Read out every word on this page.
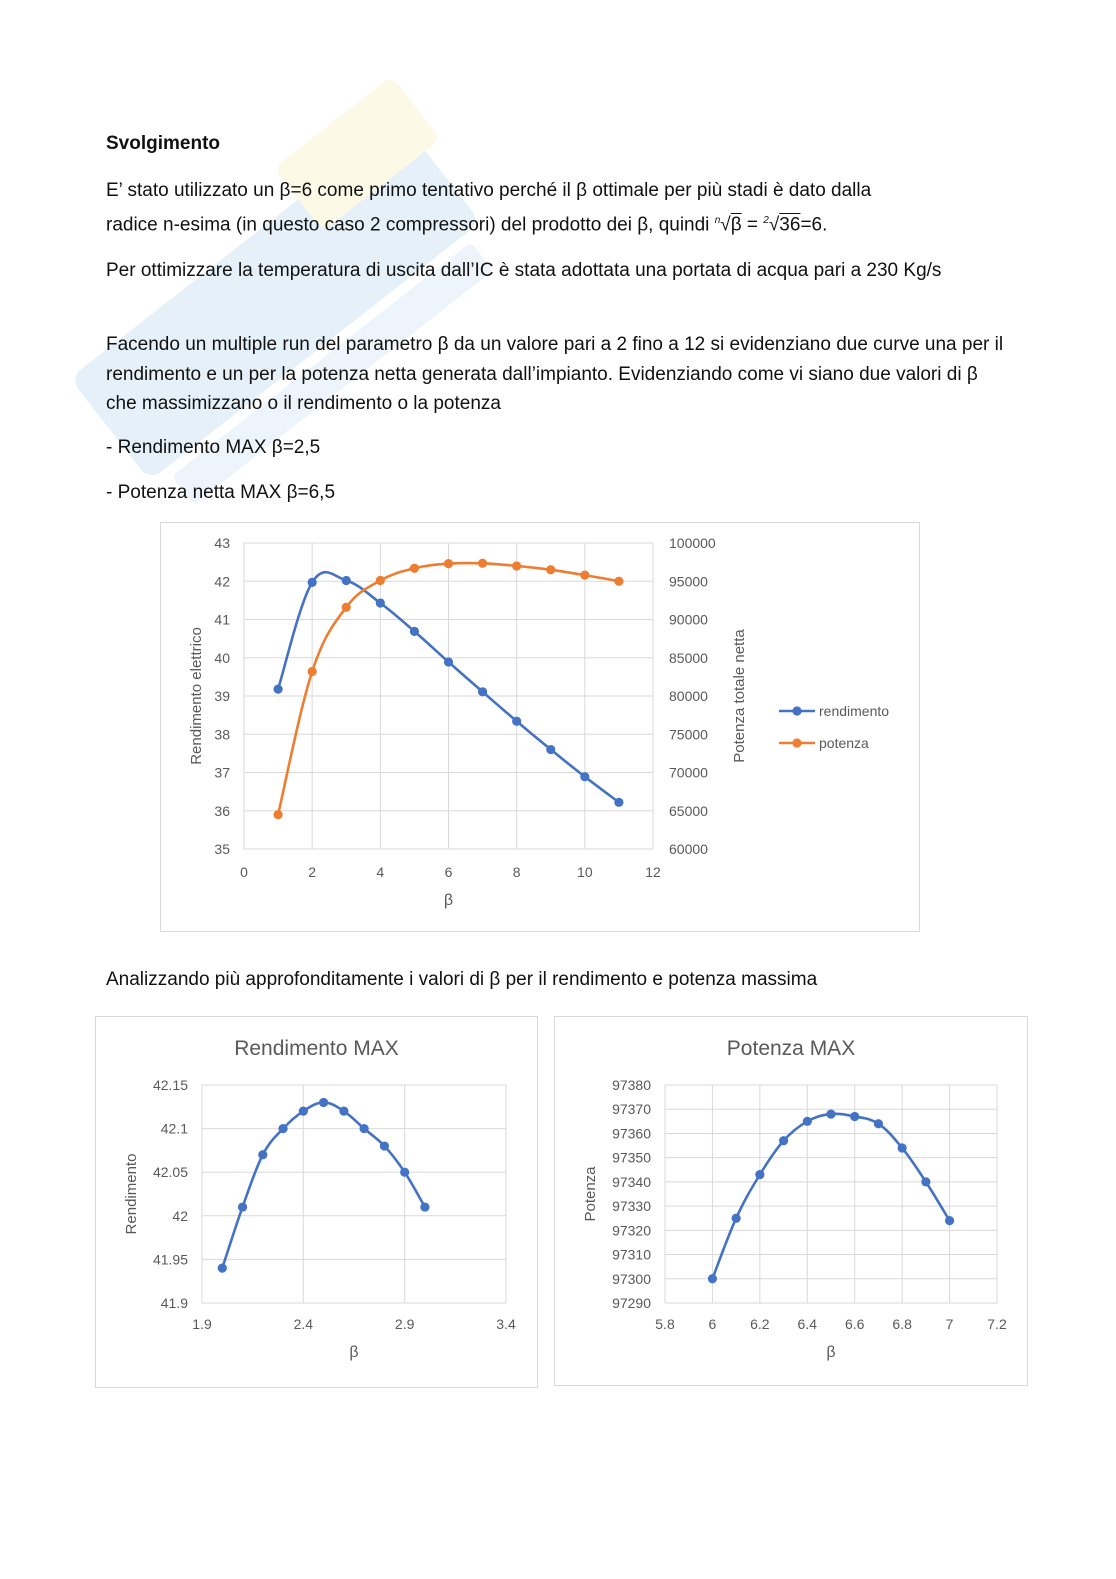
Svolgimento
E’ stato utilizzato un β=6 come primo tentativo perché il β ottimale per più stadi è dato dalla
radice n-esima (in questo caso 2 compressori) del prodotto dei β, quindi $^n$√β = $^2$√36=6.
Per ottimizzare la temperatura di uscita dall’IC è stata adottata una portata di acqua pari a 230 Kg/s
Facendo un multiple run del parametro β da un valore pari a 2 fino a 12 si evidenziano due curve una per il rendimento e un per la potenza netta generata dall’impianto. Evidenziando come vi siano due valori di β che massimizzano o il rendimento o la potenza
- Rendimento MAX β=2,5
- Potenza netta MAX β=6,5
35
36
37
38
39
40
41
42
43
60000
65000
70000
75000
80000
85000
90000
95000
100000
0	2	4	6	8	10	12
β
Rendimento elettrico	Potenza totale netta	rendimento
potenza
Analizzando più approfonditamente i valori di β per il rendimento e potenza massima
Rendimento MAX
41.9
41.95
42
42.05
42.1
42.15
1.9	2.4	2.9	3.4
β
Rendimento
Potenza MAX
97290
97300
97310
97320
97330
97340
97350
97360
97370
97380
5.8 6 6.2 6.4 6.6 6.8 7 7.2
β
Potenza
